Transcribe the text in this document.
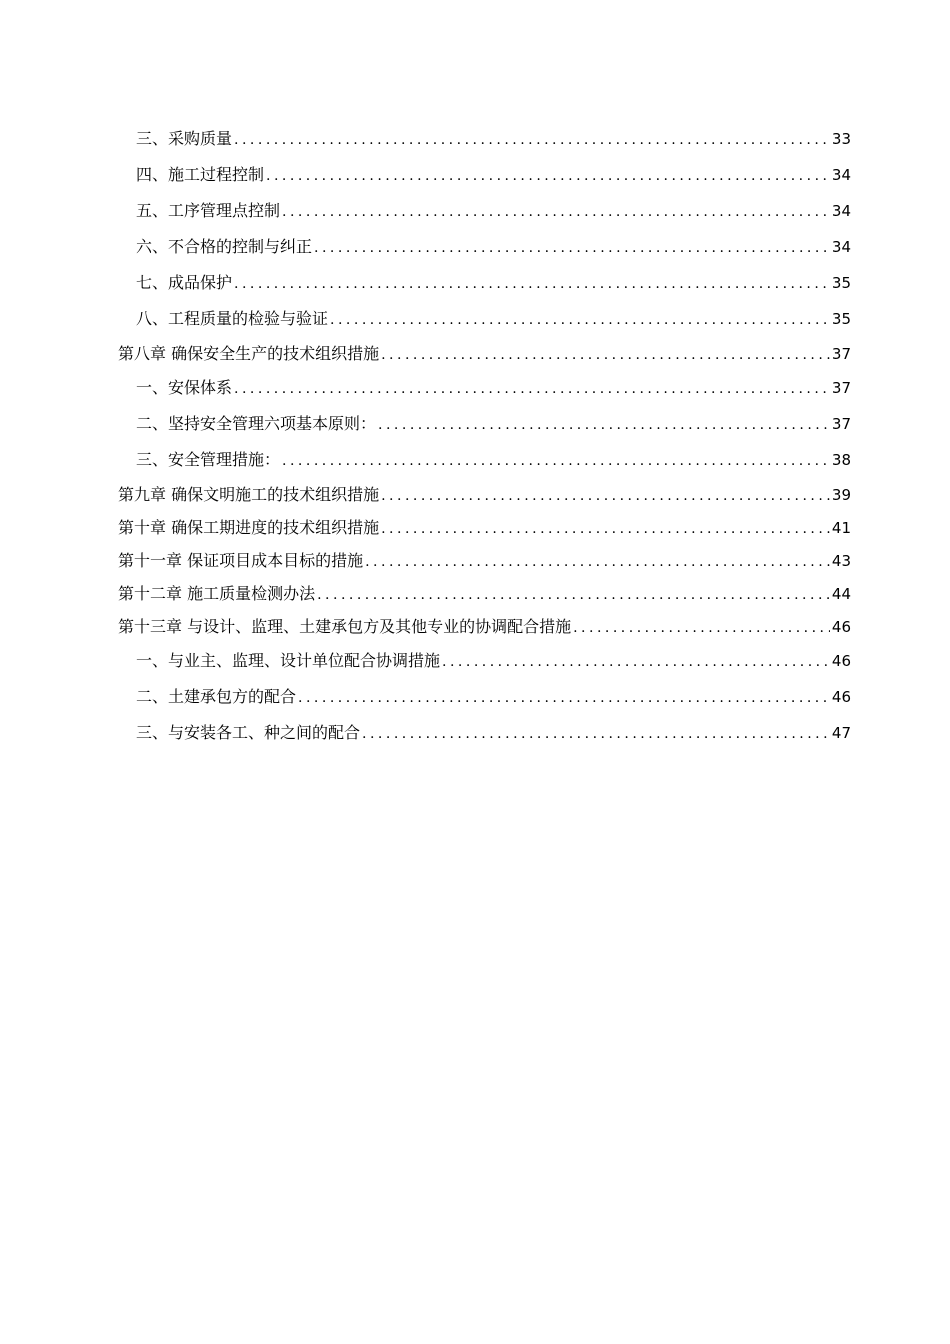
三、采购质量 .....	33
四、施工过程控制 .....	34
五、工序管理点控制 .....	34
六、不合格的控制与纠正 .....	34
七、成品保护 .....	35
八、工程质量的检验与验证 .....	35
第八章 确保安全生产的技术组织措施 .....	37
一、安保体系 .....	37
二、坚持安全管理六项基本原则： .....	37
三、安全管理措施： .....	38
第九章 确保文明施工的技术组织措施 .....	39
第十章 确保工期进度的技术组织措施 .....	41
第十一章 保证项目成本目标的措施 .....	43
第十二章 施工质量检测办法 .....	44
第十三章 与设计、监理、土建承包方及其他专业的协调配合措施 .....	46
一、与业主、监理、设计单位配合协调措施 .....	46
二、土建承包方的配合 .....	46
三、与安装各工、种之间的配合 .....	47
